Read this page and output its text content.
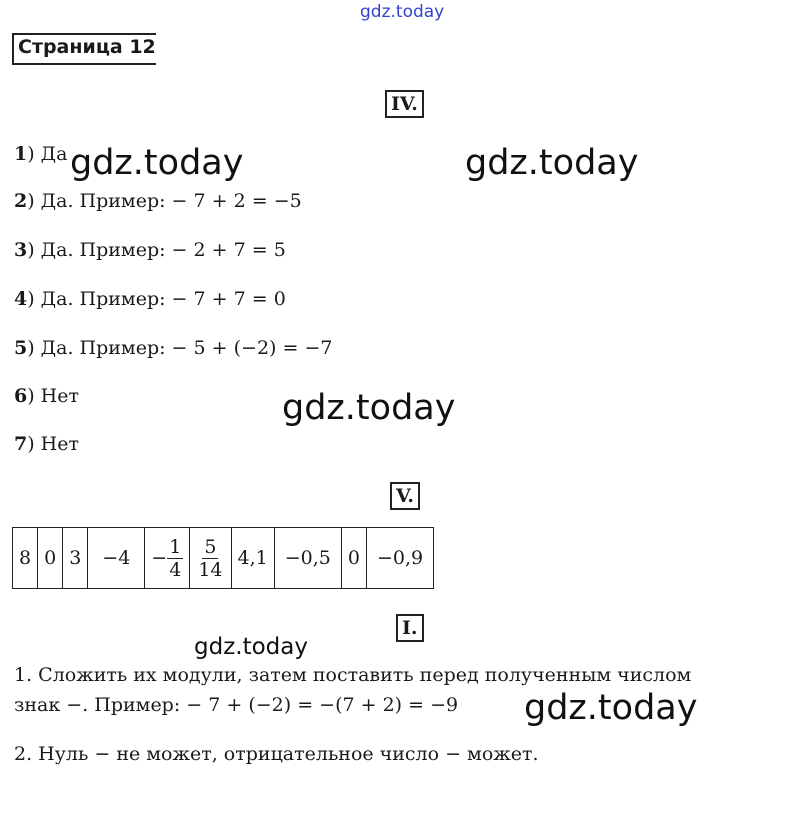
gdz.today
Страница 12
IV.
1) Да
2) Да. Пример: − 7 + 2 = −5
3) Да. Пример: − 2 + 7 = 5
4) Да. Пример: − 7 + 7 = 0
5) Да. Пример: − 5 + (−2) = −7
6) Нет
7) Нет
V.
8	0	3	−4	− $\frac{1}{4}$	$\frac{5}{14}$	4,1	−0,5	0	−0,9
I.
1. Сложить их модули, затем поставить перед полученным числом
знак −. Пример: − 7 + (−2) = −(7 + 2) = −9
2. Нуль − не может, отрицательное число − может.
gdz.today	gdz.today
gdz.today
gdz.today
gdz.today
